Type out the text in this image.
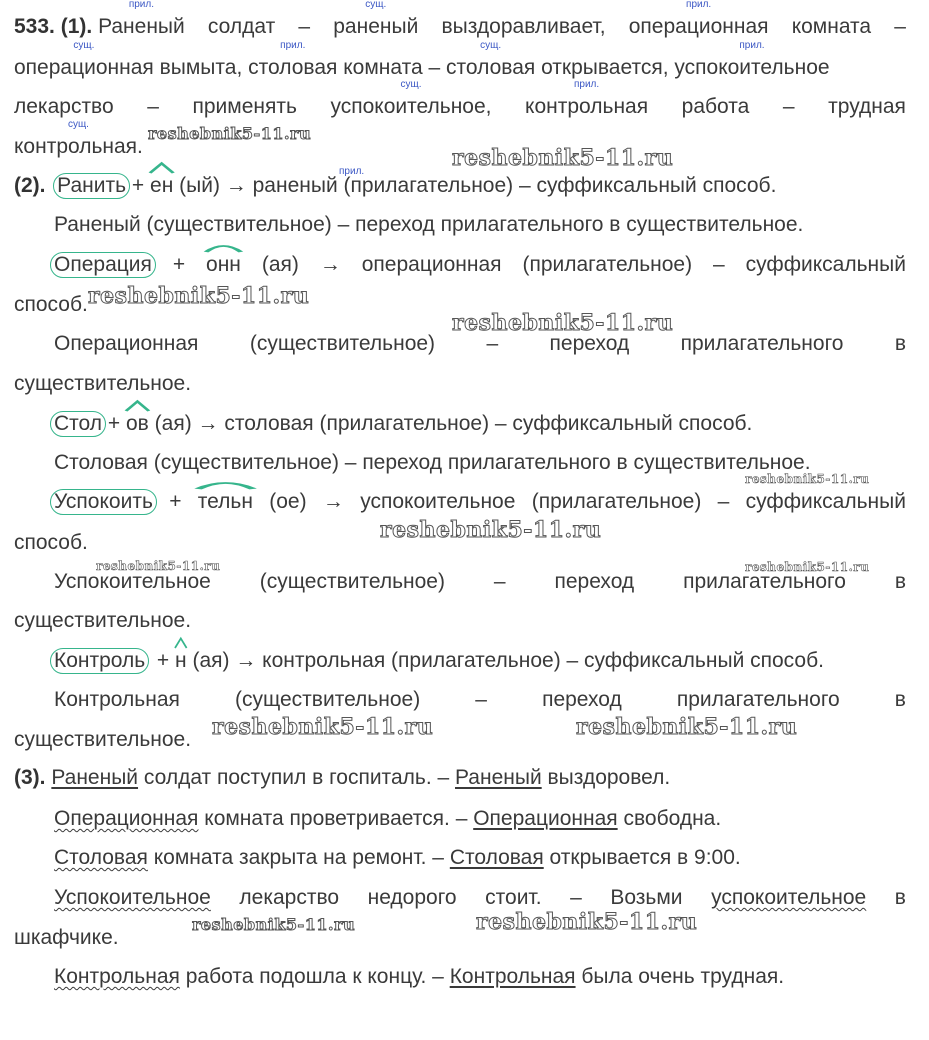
533. (1).
прил.
Раненый солдат –
сущ.
раненый выздоравливает,
прил.
операционная комната –
сущ.
операционная вымыта,
прил.
столовая комната –
сущ.
столовая открывается,
прил.
успокоительное
лекарство – применять
сущ.
успокоительное,
прил.
контрольная работа – трудная
сущ.
контрольная.
(2). Ранить + ен (ый) → раненый (прилагательное) – суффиксальный способ.
прил.
Раненый (существительное) – переход прилагательного в существительное.
Операция + онн (ая) → операционная (прилагательное) – суффиксальный
способ.
Операционная (существительное) – переход прилагательного в
существительное.
Стол + ов (ая) → столовая (прилагательное) – суффиксальный способ.
Столовая (существительное) – переход прилагательного в существительное.
Успокоить + тельн (ое) → успокоительное (прилагательное) – суффиксальный
способ.
Успокоительное (существительное) – переход прилагательного в
существительное.
Контроль + н (ая) → контрольная (прилагательное) – суффиксальный способ.
Контрольная	(существительное)	–	переход	прилагательного	в
существительное.
(3). Раненый солдат поступил в госпиталь. – Раненый выздоровел.
Операционная комната проветривается. – Операционная свободна.
Столовая комната закрыта на ремонт. – Столовая открывается в 9:00.
Успокоительное лекарство недорого стоит. – Возьми успокоительное в
шкафчике.
Контрольная работа подошла к концу. – Контрольная была очень трудная.
reshebnik5-11.ru
reshebnik5-11.ru
reshebnik5-11.ru
reshebnik5-11.ru
reshebnik5-11.ru
reshebnik5-11.ru
reshebnik5-11.ru	reshebnik5-11.ru
reshebnik5-11.ru	reshebnik5-11.ru
reshebnik5-11.ru	reshebnik5-11.ru
